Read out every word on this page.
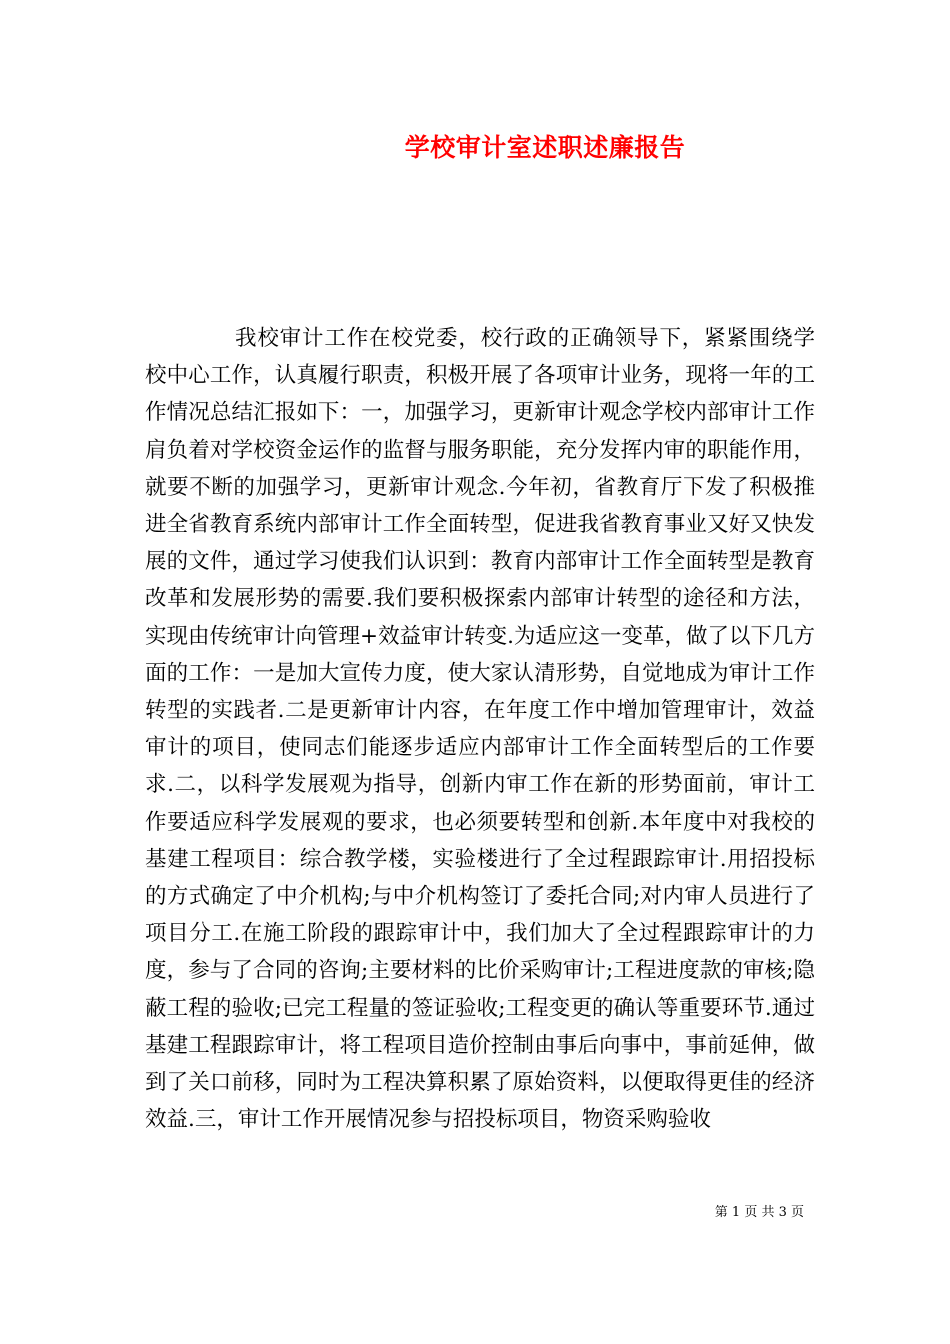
学校审计室述职述廉报告

我校审计工作在校党委，校行政的正确领导下，紧紧围绕学校中心工作，认真履行职责，积极开展了各项审计业务，现将一年的工作情况总结汇报如下：一，加强学习，更新审计观念学校内部审计工作肩负着对学校资金运作的监督与服务职能，充分发挥内审的职能作用，就要不断的加强学习，更新审计观念.今年初，省教育厅下发了积极推进全省教育系统内部审计工作全面转型，促进我省教育事业又好又快发展的文件，通过学习使我们认识到：教育内部审计工作全面转型是教育改革和发展形势的需要.我们要积极探索内部审计转型的途径和方法，实现由传统审计向管理+效益审计转变.为适应这一变革，做了以下几方面的工作：一是加大宣传力度，使大家认清形势，自觉地成为审计工作转型的实践者.二是更新审计内容，在年度工作中增加管理审计，效益审计的项目，使同志们能逐步适应内部审计工作全面转型后的工作要求.二，以科学发展观为指导，创新内审工作在新的形势面前，审计工作要适应科学发展观的要求，也必须要转型和创新.本年度中对我校的基建工程项目：综合教学楼，实验楼进行了全过程跟踪审计.用招投标的方式确定了中介机构;与中介机构签订了委托合同;对内审人员进行了项目分工.在施工阶段的跟踪审计中，我们加大了全过程跟踪审计的力度，参与了合同的咨询;主要材料的比价采购审计;工程进度款的审核;隐蔽工程的验收;已完工程量的签证验收;工程变更的确认等重要环节.通过基建工程跟踪审计，将工程项目造价控制由事后向事中，事前延伸，做到了关口前移，同时为工程决算积累了原始资料，以便取得更佳的经济效益.三，审计工作开展情况参与招投标项目，物资采购验收

第 1 页 共 3 页
